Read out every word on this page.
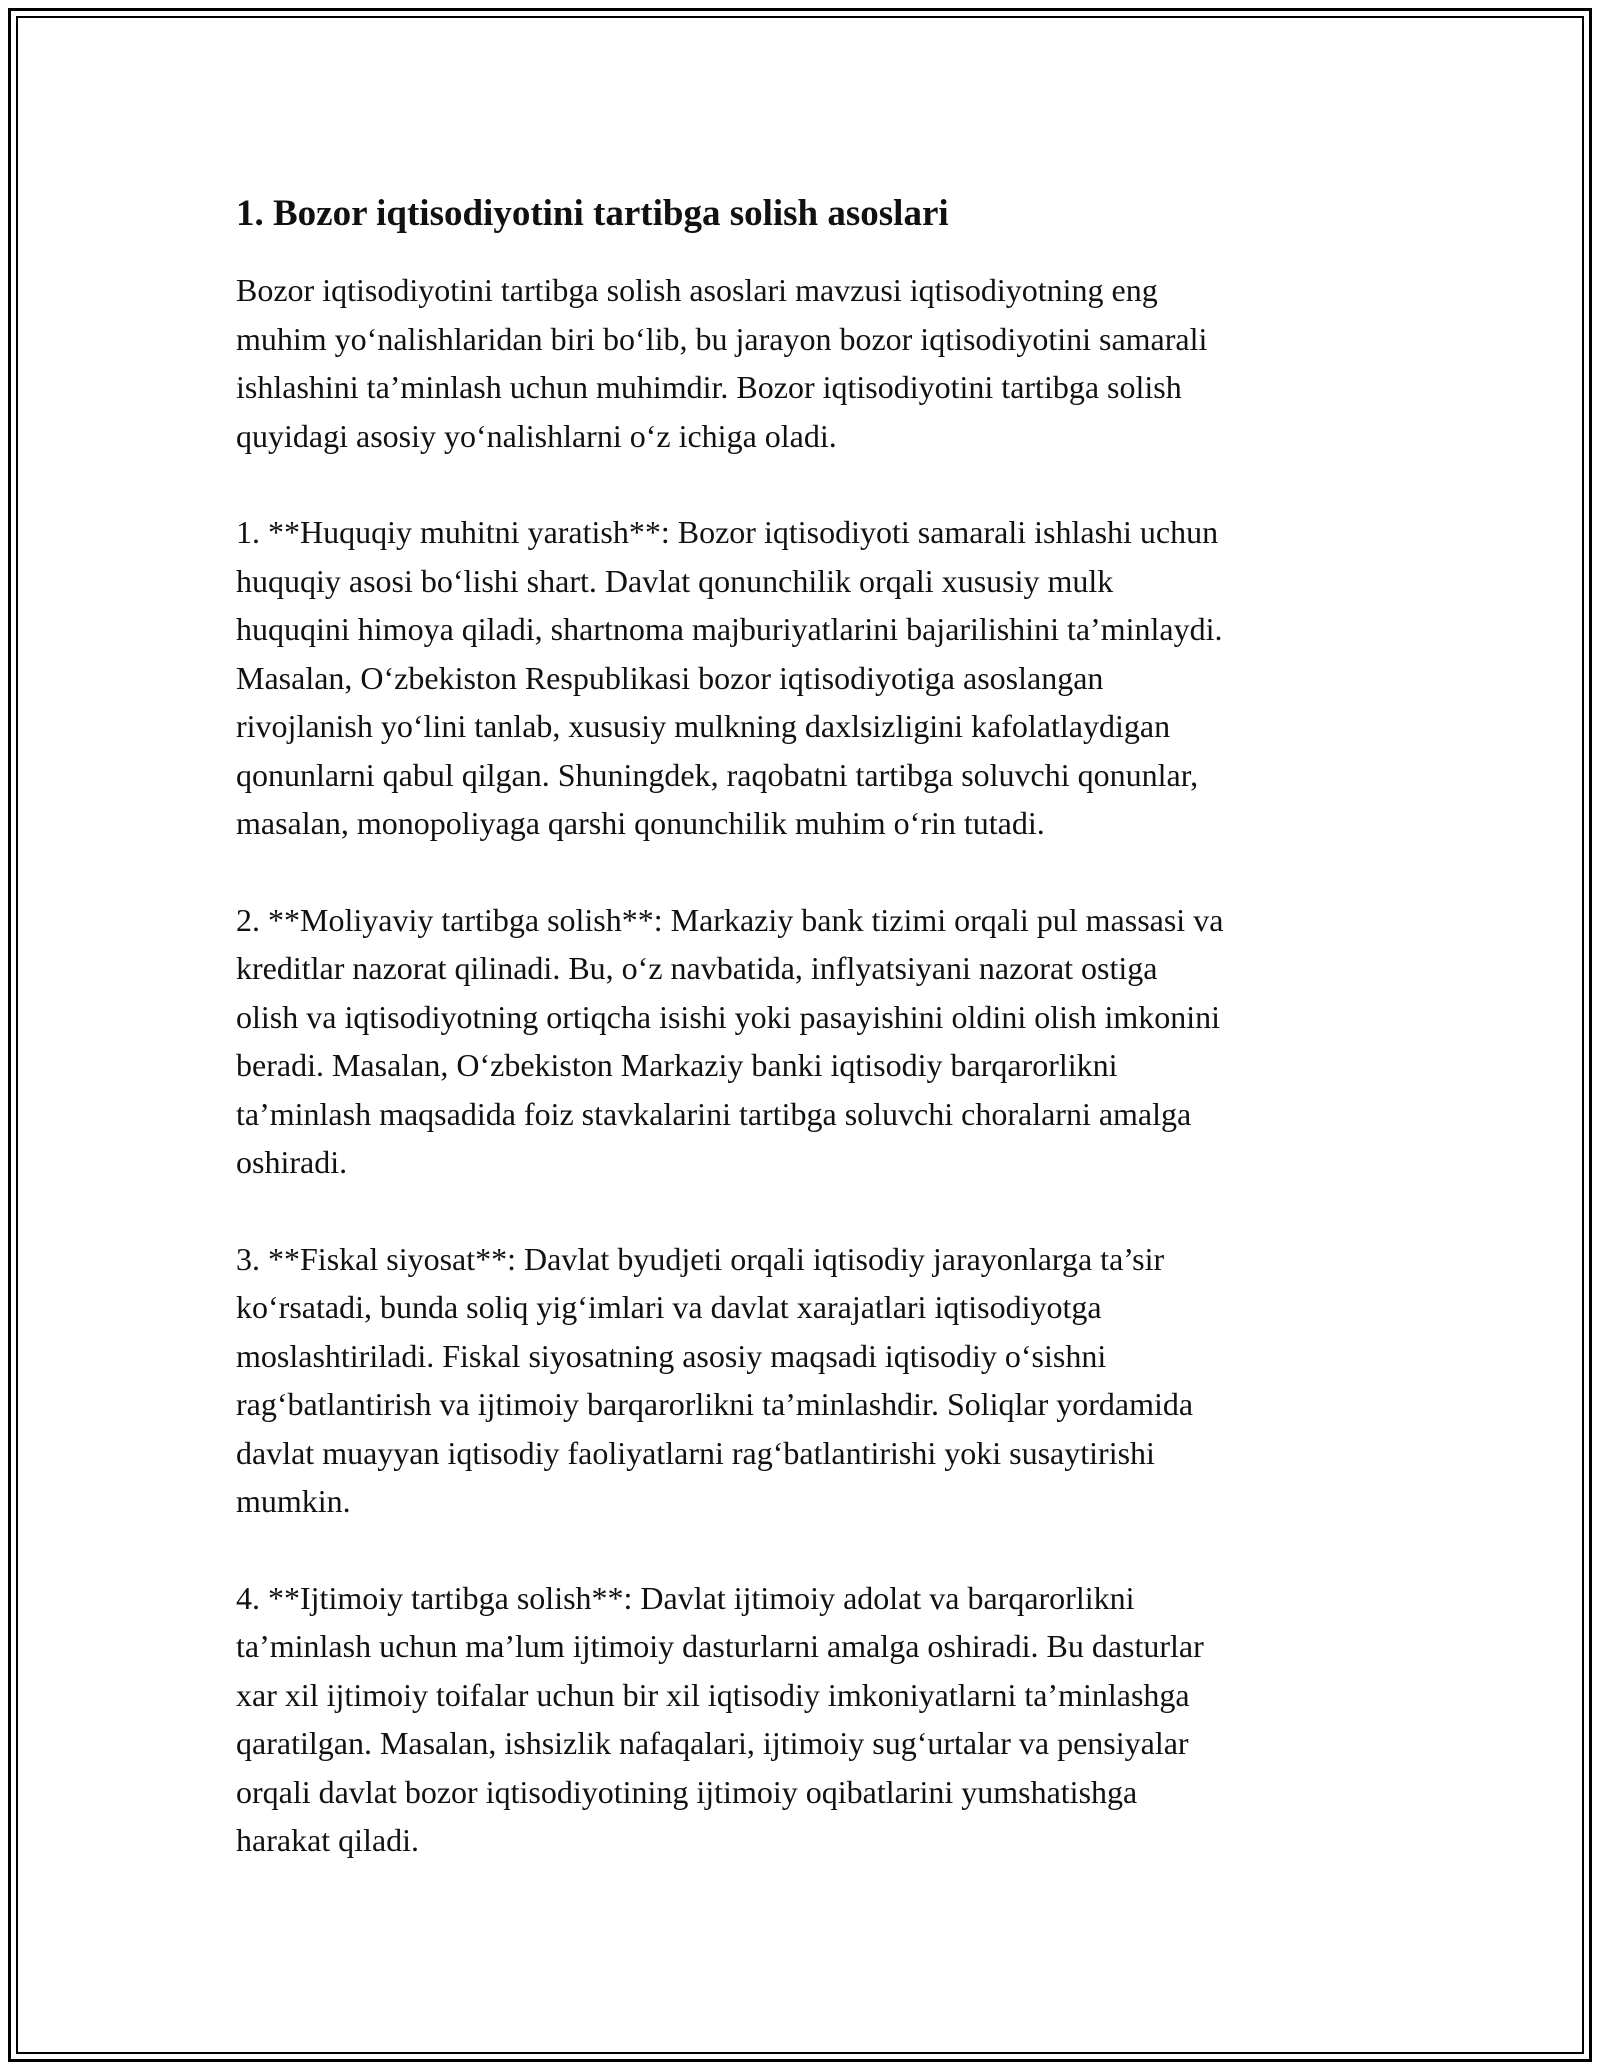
1. Bozor iqtisodiyotini tartibga solish asoslari

Bozor iqtisodiyotini tartibga solish asoslari mavzusi iqtisodiyotning eng
muhim yo‘nalishlaridan biri bo‘lib, bu jarayon bozor iqtisodiyotini samarali
ishlashini ta’minlash uchun muhimdir. Bozor iqtisodiyotini tartibga solish
quyidagi asosiy yo‘nalishlarni o‘z ichiga oladi.

1. **Huquqiy muhitni yaratish**: Bozor iqtisodiyoti samarali ishlashi uchun
huquqiy asosi bo‘lishi shart. Davlat qonunchilik orqali xususiy mulk
huquqini himoya qiladi, shartnoma majburiyatlarini bajarilishini ta’minlaydi.
Masalan, O‘zbekiston Respublikasi bozor iqtisodiyotiga asoslangan
rivojlanish yo‘lini tanlab, xususiy mulkning daxlsizligini kafolatlaydigan
qonunlarni qabul qilgan. Shuningdek, raqobatni tartibga soluvchi qonunlar,
masalan, monopoliyaga qarshi qonunchilik muhim o‘rin tutadi.

2. **Moliyaviy tartibga solish**: Markaziy bank tizimi orqali pul massasi va
kreditlar nazorat qilinadi. Bu, o‘z navbatida, inflyatsiyani nazorat ostiga
olish va iqtisodiyotning ortiqcha isishi yoki pasayishini oldini olish imkonini
beradi. Masalan, O‘zbekiston Markaziy banki iqtisodiy barqarorlikni
ta’minlash maqsadida foiz stavkalarini tartibga soluvchi choralarni amalga
oshiradi.

3. **Fiskal siyosat**: Davlat byudjeti orqali iqtisodiy jarayonlarga ta’sir
ko‘rsatadi, bunda soliq yig‘imlari va davlat xarajatlari iqtisodiyotga
moslashtiriladi. Fiskal siyosatning asosiy maqsadi iqtisodiy o‘sishni
rag‘batlantirish va ijtimoiy barqarorlikni ta’minlashdir. Soliqlar yordamida
davlat muayyan iqtisodiy faoliyatlarni rag‘batlantirishi yoki susaytirishi
mumkin.

4. **Ijtimoiy tartibga solish**: Davlat ijtimoiy adolat va barqarorlikni
ta’minlash uchun ma’lum ijtimoiy dasturlarni amalga oshiradi. Bu dasturlar
xar xil ijtimoiy toifalar uchun bir xil iqtisodiy imkoniyatlarni ta’minlashga
qaratilgan. Masalan, ishsizlik nafaqalari, ijtimoiy sug‘urtalar va pensiyalar
orqali davlat bozor iqtisodiyotining ijtimoiy oqibatlarini yumshatishga
harakat qiladi.
